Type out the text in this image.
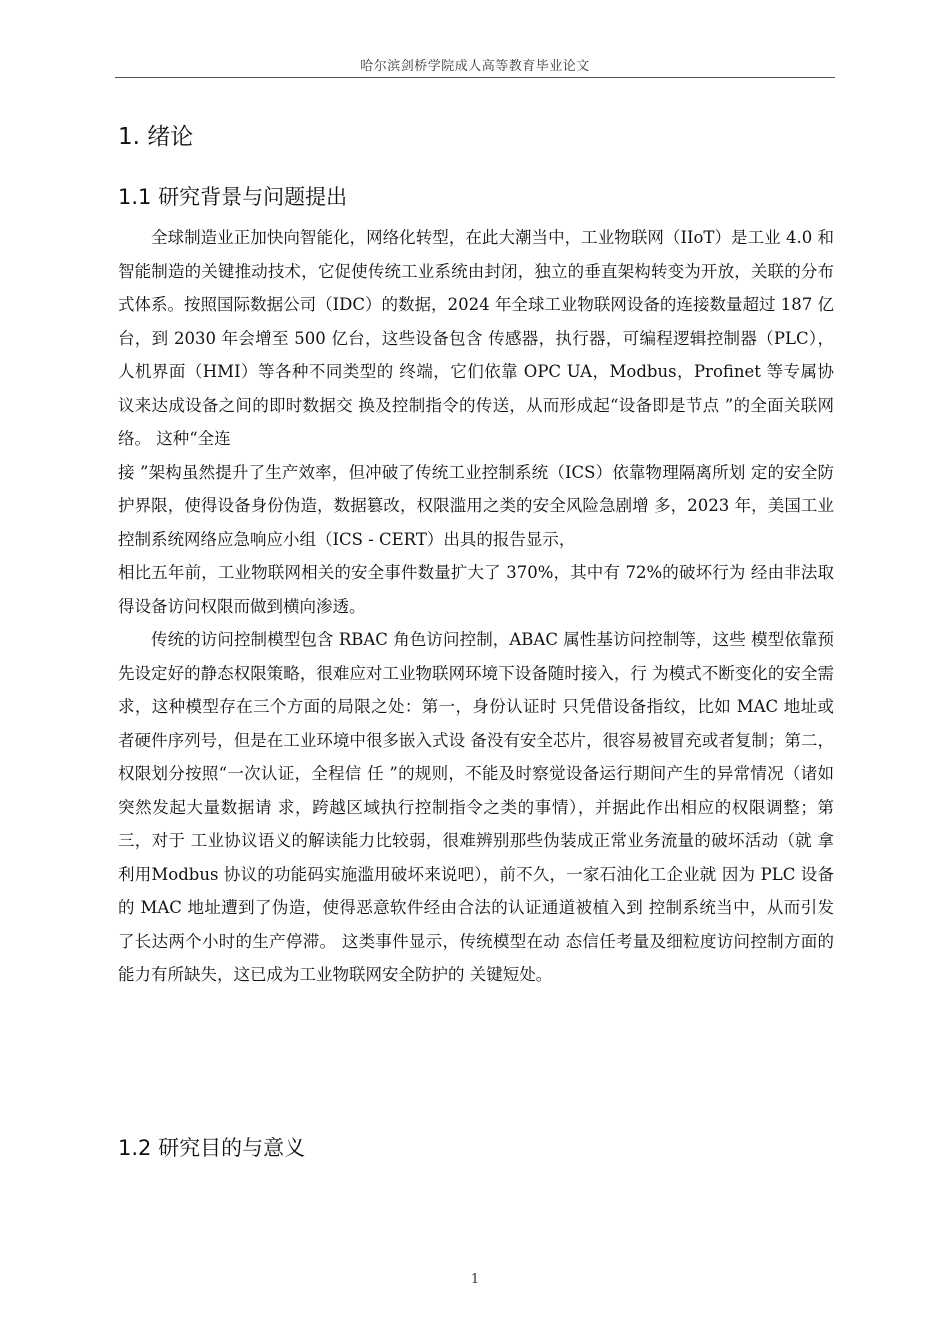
哈尔滨剑桥学院成人高等教育毕业论文
1. 绪论
1.1 研究背景与问题提出

全球制造业正加快向智能化，网络化转型，在此大潮当中，工业物联网（IIoT）是工业 4.0 和智能制造的关键推动技术，它促使传统工业系统由封闭，独立的垂直架构转变为开放，关联的分布式体系。按照国际数据公司（IDC）的数据，2024 年全球工业物联网设备的连接数量超过 187 亿台，到 2030 年会增至 500 亿台，这些设备包含 传感器，执行器，可编程逻辑控制器（PLC），人机界面（HMI）等各种不同类型的 终端，它们依靠 OPC UA，Modbus，Profinet 等专属协议来达成设备之间的即时数据交 换及控制指令的传送，从而形成起“设备即是节点 ”的全面关联网络。 这种“全连

接 ”架构虽然提升了生产效率，但冲破了传统工业控制系统（ICS）依靠物理隔离所划 定的安全防护界限，使得设备身份伪造，数据篡改，权限滥用之类的安全风险急剧增 多，2023 年，美国工业控制系统网络应急响应小组（ICS - CERT）出具的报告显示，

相比五年前，工业物联网相关的安全事件数量扩大了 370%，其中有 72%的破坏行为 经由非法取得设备访问权限而做到横向渗透。

传统的访问控制模型包含 RBAC 角色访问控制，ABAC 属性基访问控制等，这些 模型依靠预先设定好的静态权限策略，很难应对工业物联网环境下设备随时接入，行 为模式不断变化的安全需求，这种模型存在三个方面的局限之处：第一，身份认证时 只凭借设备指纹，比如 MAC 地址或者硬件序列号，但是在工业环境中很多嵌入式设 备没有安全芯片，很容易被冒充或者复制；第二，权限划分按照“一次认证，全程信 任 ”的规则，不能及时察觉设备运行期间产生的异常情况（诸如突然发起大量数据请 求，跨越区域执行控制指令之类的事情），并据此作出相应的权限调整；第三，对于 工业协议语义的解读能力比较弱，很难辨别那些伪装成正常业务流量的破坏活动（就 拿利用Modbus 协议的功能码实施滥用破坏来说吧），前不久，一家石油化工企业就 因为 PLC 设备的 MAC 地址遭到了伪造，使得恶意软件经由合法的认证通道被植入到 控制系统当中，从而引发了长达两个小时的生产停滞。 这类事件显示，传统模型在动 态信任考量及细粒度访问控制方面的能力有所缺失，这已成为工业物联网安全防护的 关键短处。

1.2 研究目的与意义
1
